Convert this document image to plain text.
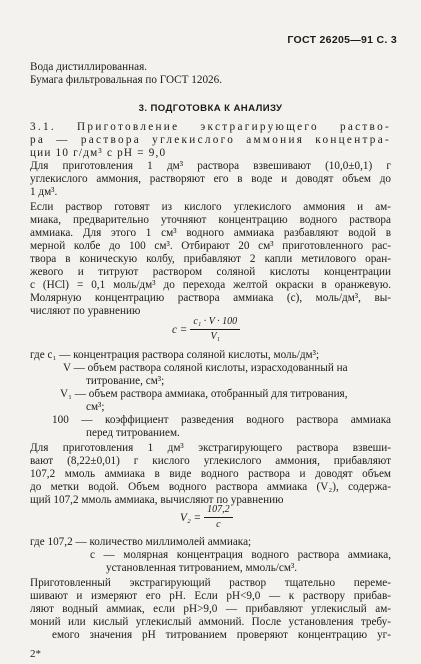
ГОСТ 26205—91 С. 3
Вода дистиллированная.
Бумага фильтровальная по ГОСТ 12026.
3. ПОДГОТОВКА К АНАЛИЗУ
3.1. Приготовление экстрагирующего раство-
ра — раствора углекислого аммония концентра-
ции 10 г/дм³ с рН = 9,0
Для приготовления 1 дм³ раствора взвешивают (10,0±0,1) г
углекислого аммония, растворяют его в воде и доводят объем до
1 дм³.
Если раствор готовят из кислого углекислого аммония и ам-
миака, предварительно уточняют концентрацию водного раствора
аммиака. Для этого 1 см³ водного аммиака разбавляют водой в
мерной колбе до 100 см³. Отбирают 20 см³ приготовленного рас-
твора в коническую колбу, прибавляют 2 капли метилового оран-
жевого и титруют раствором соляной кислоты концентрации
c (HCl) = 0,1 моль/дм³ до перехода желтой окраски в оранжевую.
Молярную концентрацию раствора аммиака (c), моль/дм³, вы-
числяют по уравнению
$c = \frac{\text{c₁ · V · 100}}{\text{V₁}}$
где c₁ — концентрация раствора соляной кислоты, моль/дм³;
V — объем раствора соляной кислоты, израсходованный на
титрование, см³;
V₁ — объем раствора аммиака, отобранный для титрования,
см³;
100 — коэффициент разведения водного раствора аммиака
перед титрованием.
Для приготовления 1 дм³ экстрагирующего раствора взвеши-
вают (8,22±0,01) г кислого углекислого аммония, прибавляют
107,2 ммоль аммиака в виде водного раствора и доводят объем
до метки водой. Объем водного раствора аммиака (V₂), содержа-
щий 107,2 ммоль аммиака, вычисляют по уравнению
$V_2 = \frac{107,2}{c}$
где 107,2 — количество миллимолей аммиака;
c — молярная концентрация водного раствора аммиака,
установленная титрованием, ммоль/см³.
Приготовленный экстрагирующий раствор тщательно переме-
шивают и измеряют его рН. Если рН<9,0 — к раствору прибав-
ляют водный аммиак, если рН>9,0 — прибавляют углекислый ам-
моний или кислый углекислый аммоний. После установления требу-
емого значения рН титрованием проверяют концентрацию уг-
2*
